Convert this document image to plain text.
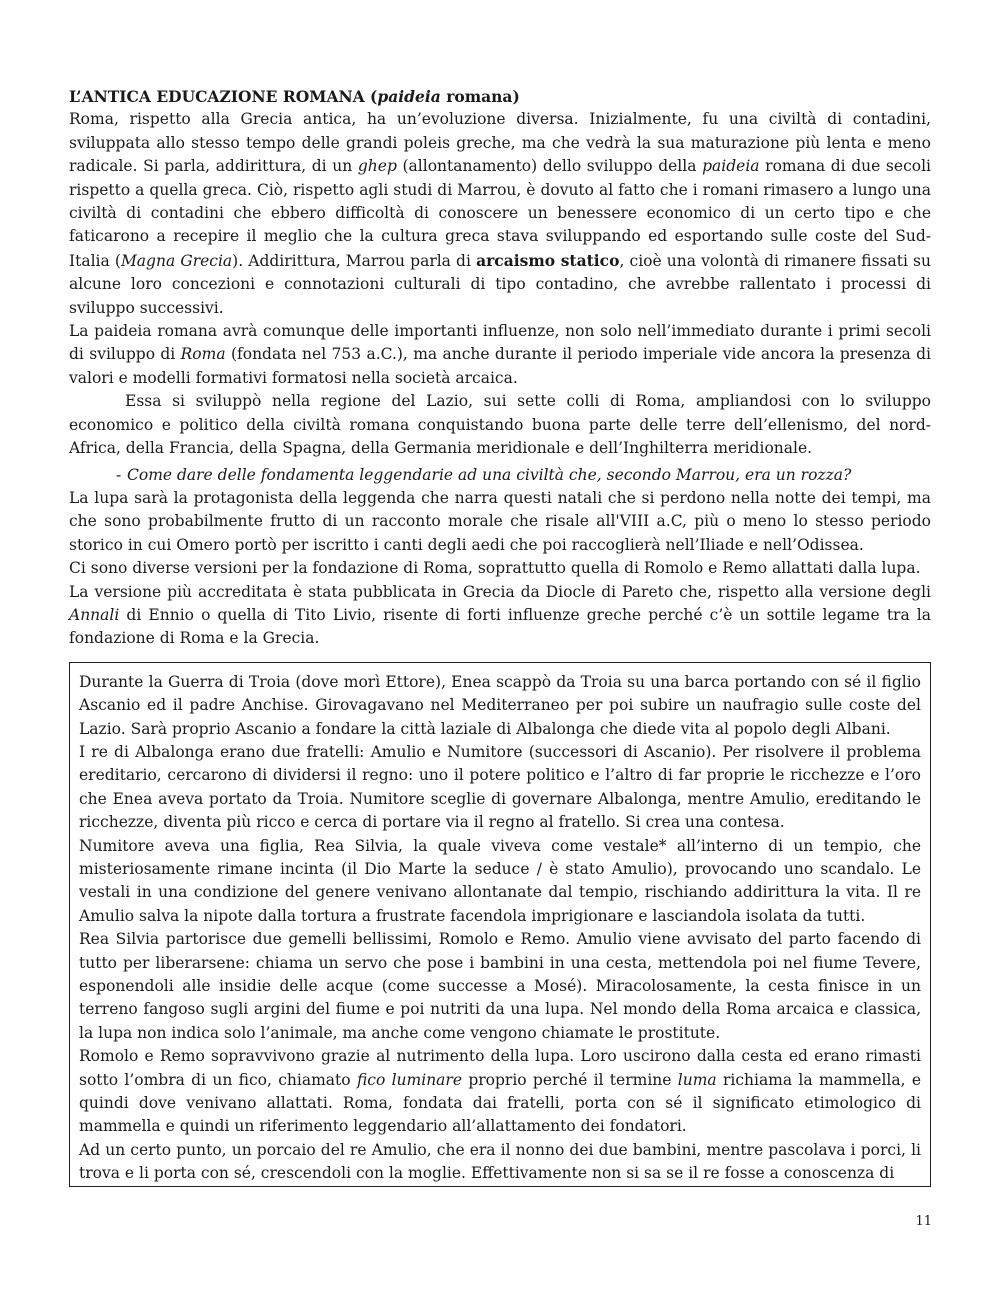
L’ANTICA EDUCAZIONE ROMANA (paideia romana)

Roma, rispetto alla Grecia antica, ha un’evoluzione diversa. Inizialmente, fu una civiltà di contadini, sviluppata allo stesso tempo delle grandi poleis greche, ma che vedrà la sua maturazione più lenta e meno radicale. Si parla, addirittura, di un ghep (allontanamento) dello sviluppo della paideia romana di due secoli rispetto a quella greca. Ciò, rispetto agli studi di Marrou, è dovuto al fatto che i romani rimasero a lungo una civiltà di contadini che ebbero difficoltà di conoscere un benessere economico di un certo tipo e che faticarono a recepire il meglio che la cultura greca stava sviluppando ed esportando sulle coste del Sud-Italia (Magna Grecia). Addirittura, Marrou parla di arcaismo statico, cioè una volontà di rimanere fissati su alcune loro concezioni e connotazioni culturali di tipo contadino, che avrebbe rallentato i processi di sviluppo successivi.

La paideia romana avrà comunque delle importanti influenze, non solo nell’immediato durante i primi secoli di sviluppo di Roma (fondata nel 753 a.C.), ma anche durante il periodo imperiale vide ancora la presenza di valori e modelli formativi formatosi nella società arcaica.

Essa si sviluppò nella regione del Lazio, sui sette colli di Roma, ampliandosi con lo sviluppo economico e politico della civiltà romana conquistando buona parte delle terre dell’ellenismo, del nord-Africa, della Francia, della Spagna, della Germania meridionale e dell’Inghilterra meridionale.

- Come dare delle fondamenta leggendarie ad una civiltà che, secondo Marrou, era un rozza?

La lupa sarà la protagonista della leggenda che narra questi natali che si perdono nella notte dei tempi, ma che sono probabilmente frutto di un racconto morale che risale all'VIII a.C, più o meno lo stesso periodo storico in cui Omero portò per iscritto i canti degli aedi che poi raccoglierà nell’Iliade e nell’Odissea.

Ci sono diverse versioni per la fondazione di Roma, soprattutto quella di Romolo e Remo allattati dalla lupa.

La versione più accreditata è stata pubblicata in Grecia da Diocle di Pareto che, rispetto alla versione degli Annali di Ennio o quella di Tito Livio, risente di forti influenze greche perché c’è un sottile legame tra la fondazione di Roma e la Grecia.

Durante la Guerra di Troia (dove morì Ettore), Enea scappò da Troia su una barca portando con sé il figlio Ascanio ed il padre Anchise. Girovagavano nel Mediterraneo per poi subire un naufragio sulle coste del Lazio. Sarà proprio Ascanio a fondare la città laziale di Albalonga che diede vita al popolo degli Albani.

I re di Albalonga erano due fratelli: Amulio e Numitore (successori di Ascanio). Per risolvere il problema ereditario, cercarono di dividersi il regno: uno il potere politico e l’altro di far proprie le ricchezze e l’oro che Enea aveva portato da Troia. Numitore sceglie di governare Albalonga, mentre Amulio, ereditando le ricchezze, diventa più ricco e cerca di portare via il regno al fratello. Si crea una contesa.

Numitore aveva una figlia, Rea Silvia, la quale viveva come vestale* all’interno di un tempio, che misteriosamente rimane incinta (il Dio Marte la seduce / è stato Amulio), provocando uno scandalo. Le vestali in una condizione del genere venivano allontanate dal tempio, rischiando addirittura la vita. Il re Amulio salva la nipote dalla tortura a frustrate facendola imprigionare e lasciandola isolata da tutti.

Rea Silvia partorisce due gemelli bellissimi, Romolo e Remo. Amulio viene avvisato del parto facendo di tutto per liberarsene: chiama un servo che pose i bambini in una cesta, mettendola poi nel fiume Tevere, esponendoli alle insidie delle acque (come successe a Mosé). Miracolosamente, la cesta finisce in un terreno fangoso sugli argini del fiume e poi nutriti da una lupa. Nel mondo della Roma arcaica e classica, la lupa non indica solo l’animale, ma anche come vengono chiamate le prostitute.

Romolo e Remo sopravvivono grazie al nutrimento della lupa. Loro uscirono dalla cesta ed erano rimasti sotto l’ombra di un fico, chiamato fico luminare proprio perché il termine luma richiama la mammella, e quindi dove venivano allattati. Roma, fondata dai fratelli, porta con sé il significato etimologico di mammella e quindi un riferimento leggendario all’allattamento dei fondatori.

Ad un certo punto, un porcaio del re Amulio, che era il nonno dei due bambini, mentre pascolava i porci, li trova e li porta con sé, crescendoli con la moglie. Effettivamente non si sa se il re fosse a conoscenza di

11
